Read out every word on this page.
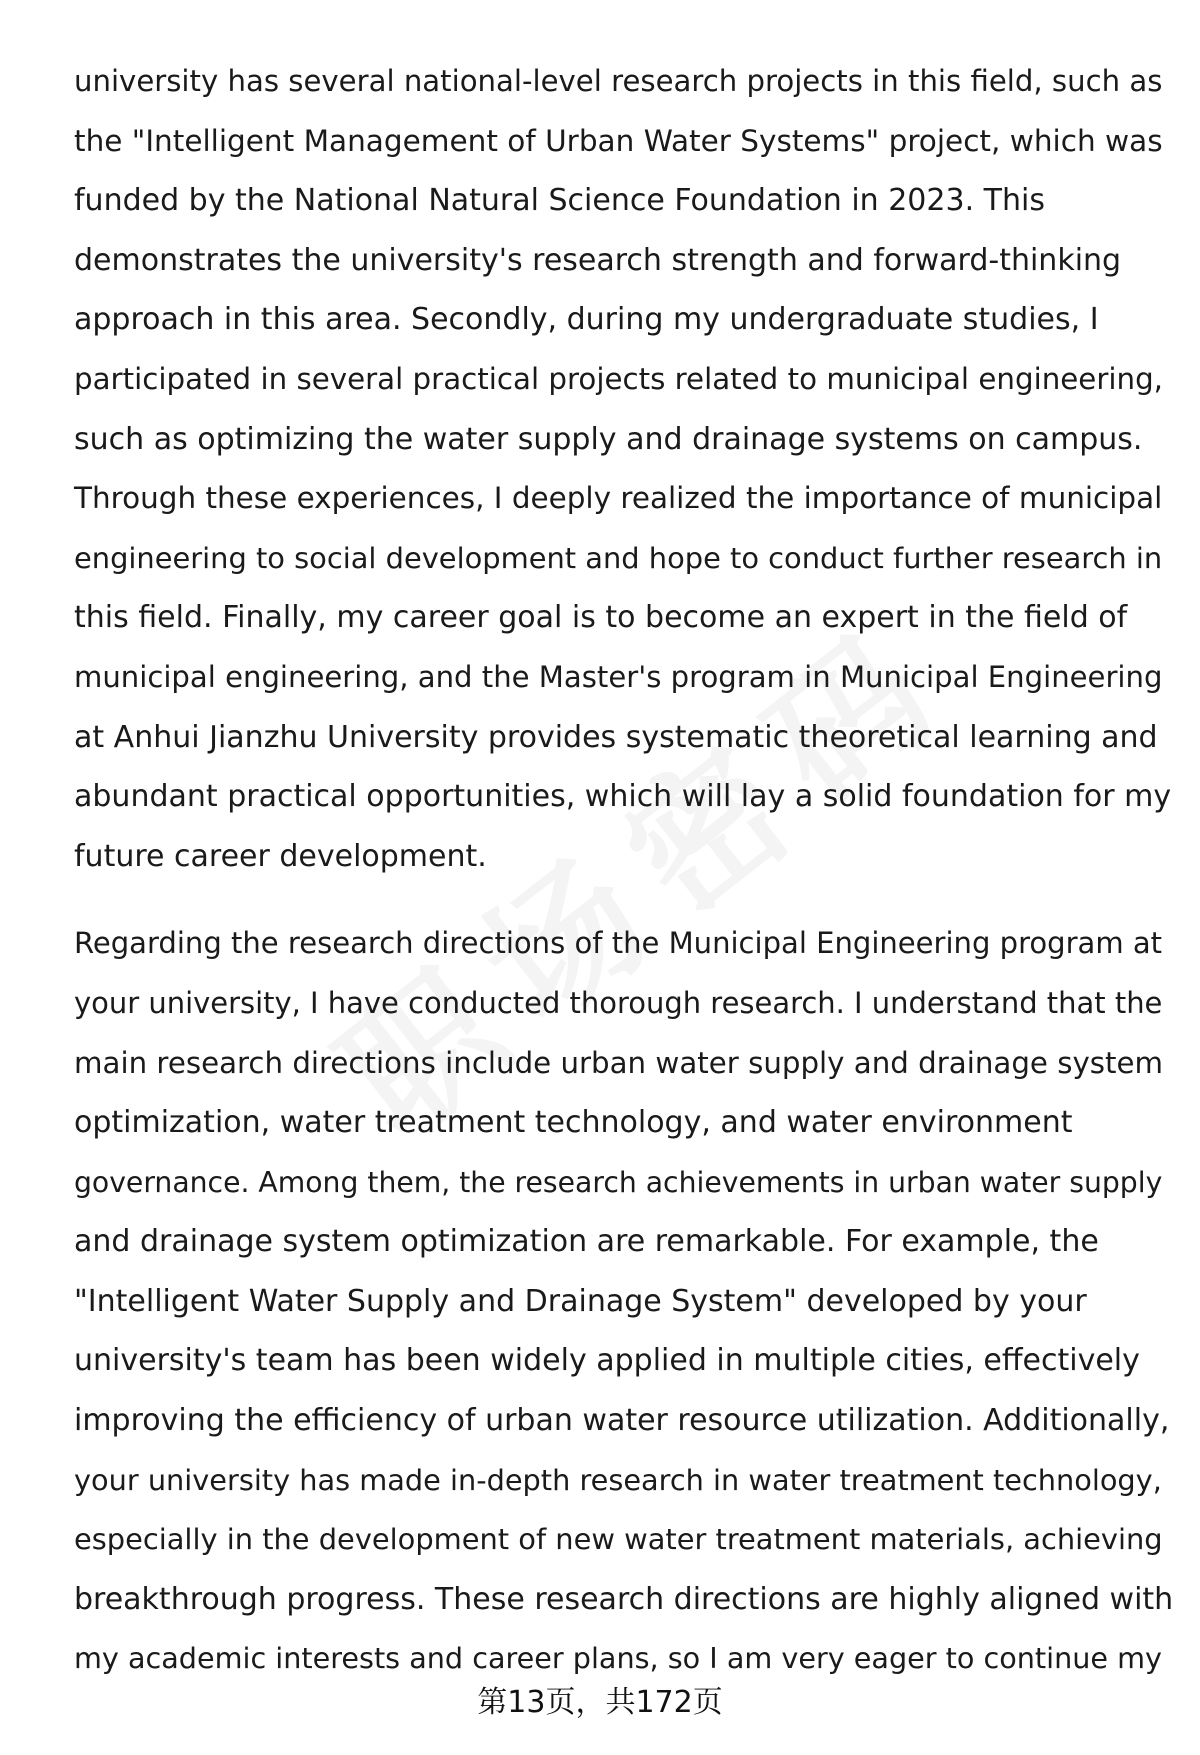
university has several national-level research projects in this field, such as
the "Intelligent Management of Urban Water Systems" project, which was
funded by the National Natural Science Foundation in 2023. This
demonstrates the university's research strength and forward-thinking
approach in this area. Secondly, during my undergraduate studies, I
participated in several practical projects related to municipal engineering,
such as optimizing the water supply and drainage systems on campus.
Through these experiences, I deeply realized the importance of municipal
engineering to social development and hope to conduct further research in
this field. Finally, my career goal is to become an expert in the field of
municipal engineering, and the Master's program in Municipal Engineering
at Anhui Jianzhu University provides systematic theoretical learning and
abundant practical opportunities, which will lay a solid foundation for my
future career development.
Regarding the research directions of the Municipal Engineering program at
your university, I have conducted thorough research. I understand that the
main research directions include urban water supply and drainage system
optimization, water treatment technology, and water environment
governance. Among them, the research achievements in urban water supply
and drainage system optimization are remarkable. For example, the
"Intelligent Water Supply and Drainage System" developed by your
university's team has been widely applied in multiple cities, effectively
improving the efficiency of urban water resource utilization. Additionally,
your university has made in-depth research in water treatment technology,
especially in the development of new water treatment materials, achieving
breakthrough progress. These research directions are highly aligned with
my academic interests and career plans, so I am very eager to continue my
第13页，共172页
